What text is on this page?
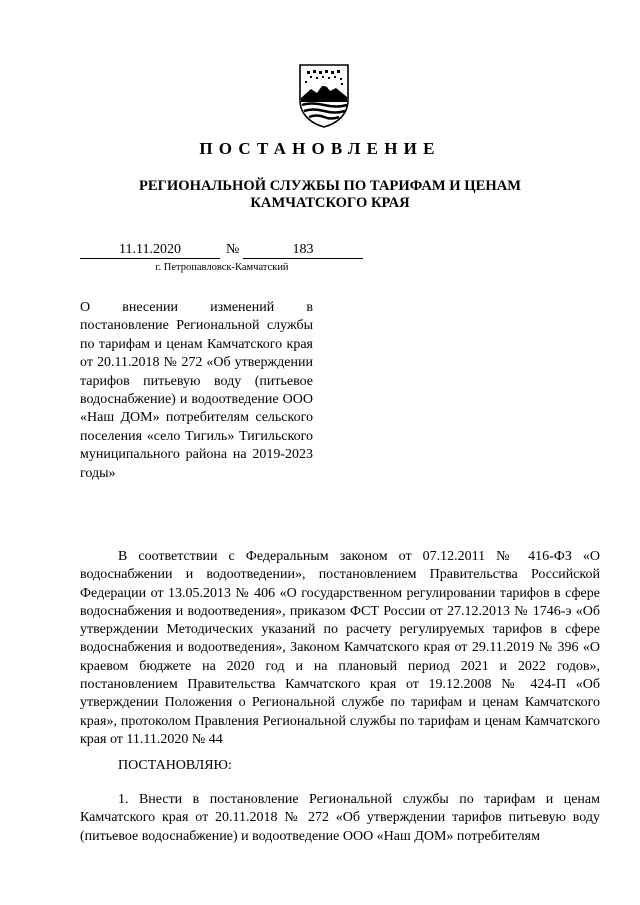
ПОСТАНОВЛЕНИЕ
РЕГИОНАЛЬНОЙ СЛУЖБЫ ПО ТАРИФАМ И ЦЕНАМ КАМЧАТСКОГО КРАЯ
11.11.2020	№	183
г. Петропавловск-Камчатский
О внесении изменений в постановление Региональной службы по тарифам и ценам Камчатского края от 20.11.2018 № 272 «Об утверждении тарифов питьевую воду (питьевое водоснабжение) и водоотведение ООО «Наш ДОМ» потребителям сельского поселения «село Тигиль» Тигильского муниципального района на 2019-2023 годы»
В соответствии с Федеральным законом от 07.12.2011 № 416-ФЗ «О водоснабжении и водоотведении», постановлением Правительства Российской Федерации от 13.05.2013 № 406 «О государственном регулировании тарифов в сфере водоснабжения и водоотведения», приказом ФСТ России от 27.12.2013 № 1746-э «Об утверждении Методических указаний по расчету регулируемых тарифов в сфере водоснабжения и водоотведения», Законом Камчатского края от 29.11.2019 № 396 «О краевом бюджете на 2020 год и на плановый период 2021 и 2022 годов», постановлением Правительства Камчатского края от 19.12.2008 № 424-П «Об утверждении Положения о Региональной службе по тарифам и ценам Камчатского края», протоколом Правления Региональной службы по тарифам и ценам Камчатского края от 11.11.2020 № 44
ПОСТАНОВЛЯЮ:
1. Внести в постановление Региональной службы по тарифам и ценам Камчатского края от 20.11.2018 № 272 «Об утверждении тарифов питьевую воду (питьевое водоснабжение) и водоотведение ООО «Наш ДОМ» потребителям
